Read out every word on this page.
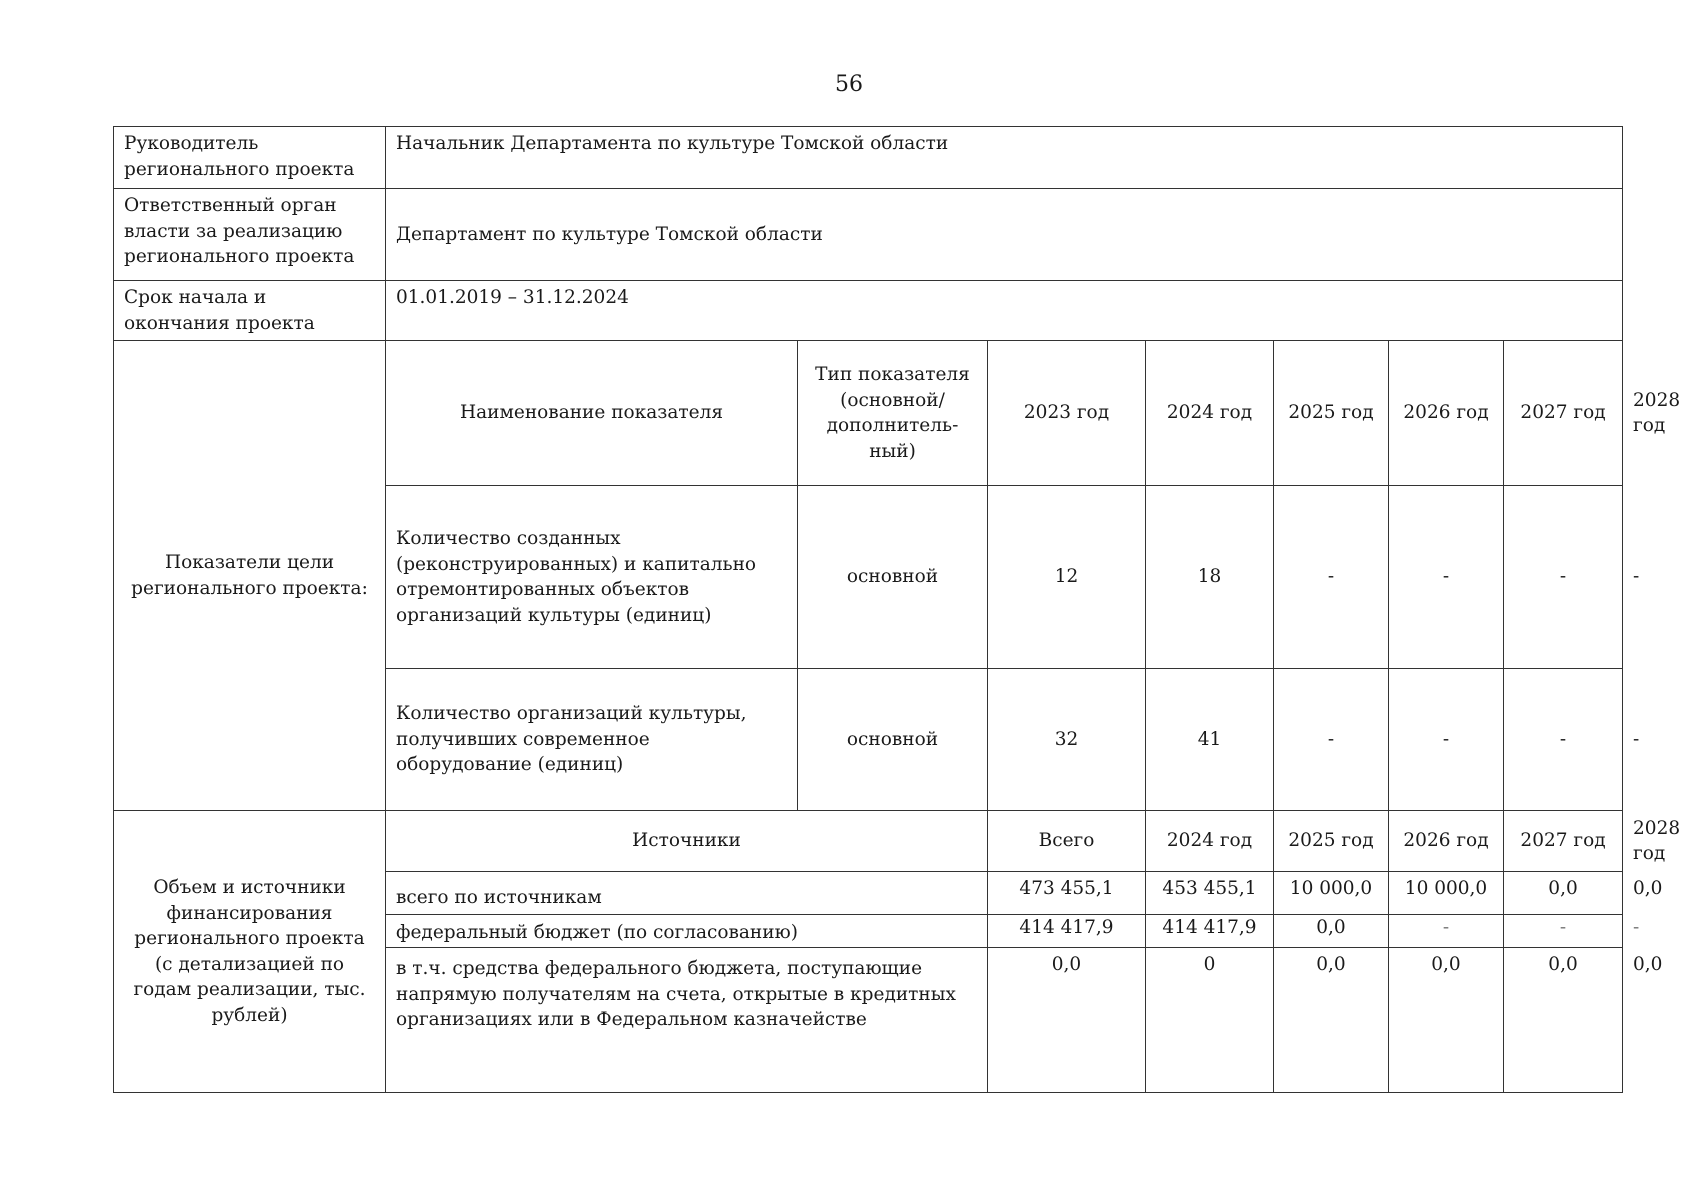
56
Руководитель регионального проекта	Начальник Департамента по культуре Томской области							
Ответственный орган власти за реализацию регионального проекта	Департамент по культуре Томской области							
Срок начала и окончания проекта	01.01.2019 – 31.12.2024							
Показатели цели регионального проекта:	Наименование показателя	Тип показателя (основной/ дополнитель-ный)	2023 год	2024 год	2025 год	2026 год	2027 год	2028 год
	Количество созданных (реконструированных) и капитально отремонтированных объектов организаций культуры (единиц)	основной	12	18	-	-	-	-
	Количество организаций культуры, получивших современное оборудование (единиц)	основной	32	41	-	-	-	-
Объем и источники финансирования регионального проекта (с детализацией по годам реализации, тыс. рублей)	Источники		Всего	2024 год	2025 год	2026 год	2027 год	2028 год
	всего по источникам		473 455,1	453 455,1	10 000,0	10 000,0	0,0	0,0
	федеральный бюджет (по согласованию)		414 417,9	414 417,9	0,0	-	-	-
	в т.ч. средства федерального бюджета, поступающие напрямую получателям на счета, открытые в кредитных организациях или в Федеральном казначействе		0,0	0	0,0	0,0	0,0	0,0
